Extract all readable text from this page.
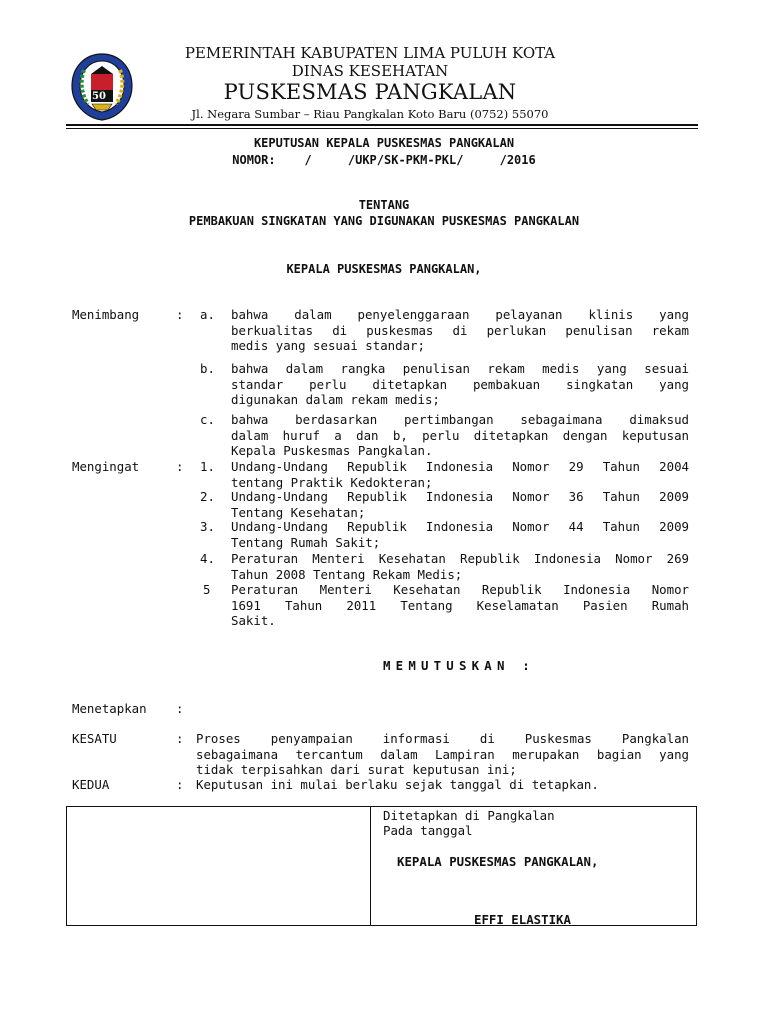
50
PEMERINTAH KABUPATEN LIMA PULUH KOTA
DINAS KESEHATAN
PUSKESMAS PANGKALAN
Jl. Negara Sumbar – Riau Pangkalan Koto Baru (0752) 55070
KEPUTUSAN KEPALA PUSKESMAS PANGKALAN
NOMOR:    /     /UKP/SK-PKM-PKL/     /2016
TENTANG
PEMBAKUAN SINGKATAN YANG DIGUNAKAN PUSKESMAS PANGKALAN
KEPALA PUSKESMAS PANGKALAN,
Menimbang	: a. bahwa dalam penyelenggaraan pelayanan klinis yang
berkualitas di puskesmas di perlukan penulisan rekam
medis yang sesuai standar;
b. bahwa dalam rangka penulisan rekam medis yang sesuai
standar perlu ditetapkan pembakuan singkatan yang
digunakan dalam rekam medis;
c. bahwa berdasarkan pertimbangan sebagaimana dimaksud
dalam huruf a dan b, perlu ditetapkan dengan keputusan
Kepala Puskesmas Pangkalan.
Mengingat	: 1. Undang-Undang Republik Indonesia Nomor 29 Tahun 2004
tentang Praktik Kedokteran;
2. Undang-Undang Republik Indonesia Nomor 36 Tahun 2009
Tentang Kesehatan;
3. Undang-Undang Republik Indonesia Nomor 44 Tahun 2009
Tentang Rumah Sakit;
4. Peraturan Menteri Kesehatan Republik Indonesia Nomor 269
Tahun 2008 Tentang Rekam Medis;
5 Peraturan Menteri Kesehatan Republik Indonesia Nomor
1691 Tahun 2011 Tentang Keselamatan Pasien Rumah
Sakit.
MEMUTUSKAN :
Menetapkan :
KESATU	: Proses penyampaian informasi di Puskesmas Pangkalan
sebagaimana tercantum dalam Lampiran merupakan bagian yang
tidak terpisahkan dari surat keputusan ini;
KEDUA	: Keputusan ini mulai berlaku sejak tanggal di tetapkan.
Ditetapkan di Pangkalan
Pada tanggal
KEPALA PUSKESMAS PANGKALAN,
EFFI ELASTIKA
